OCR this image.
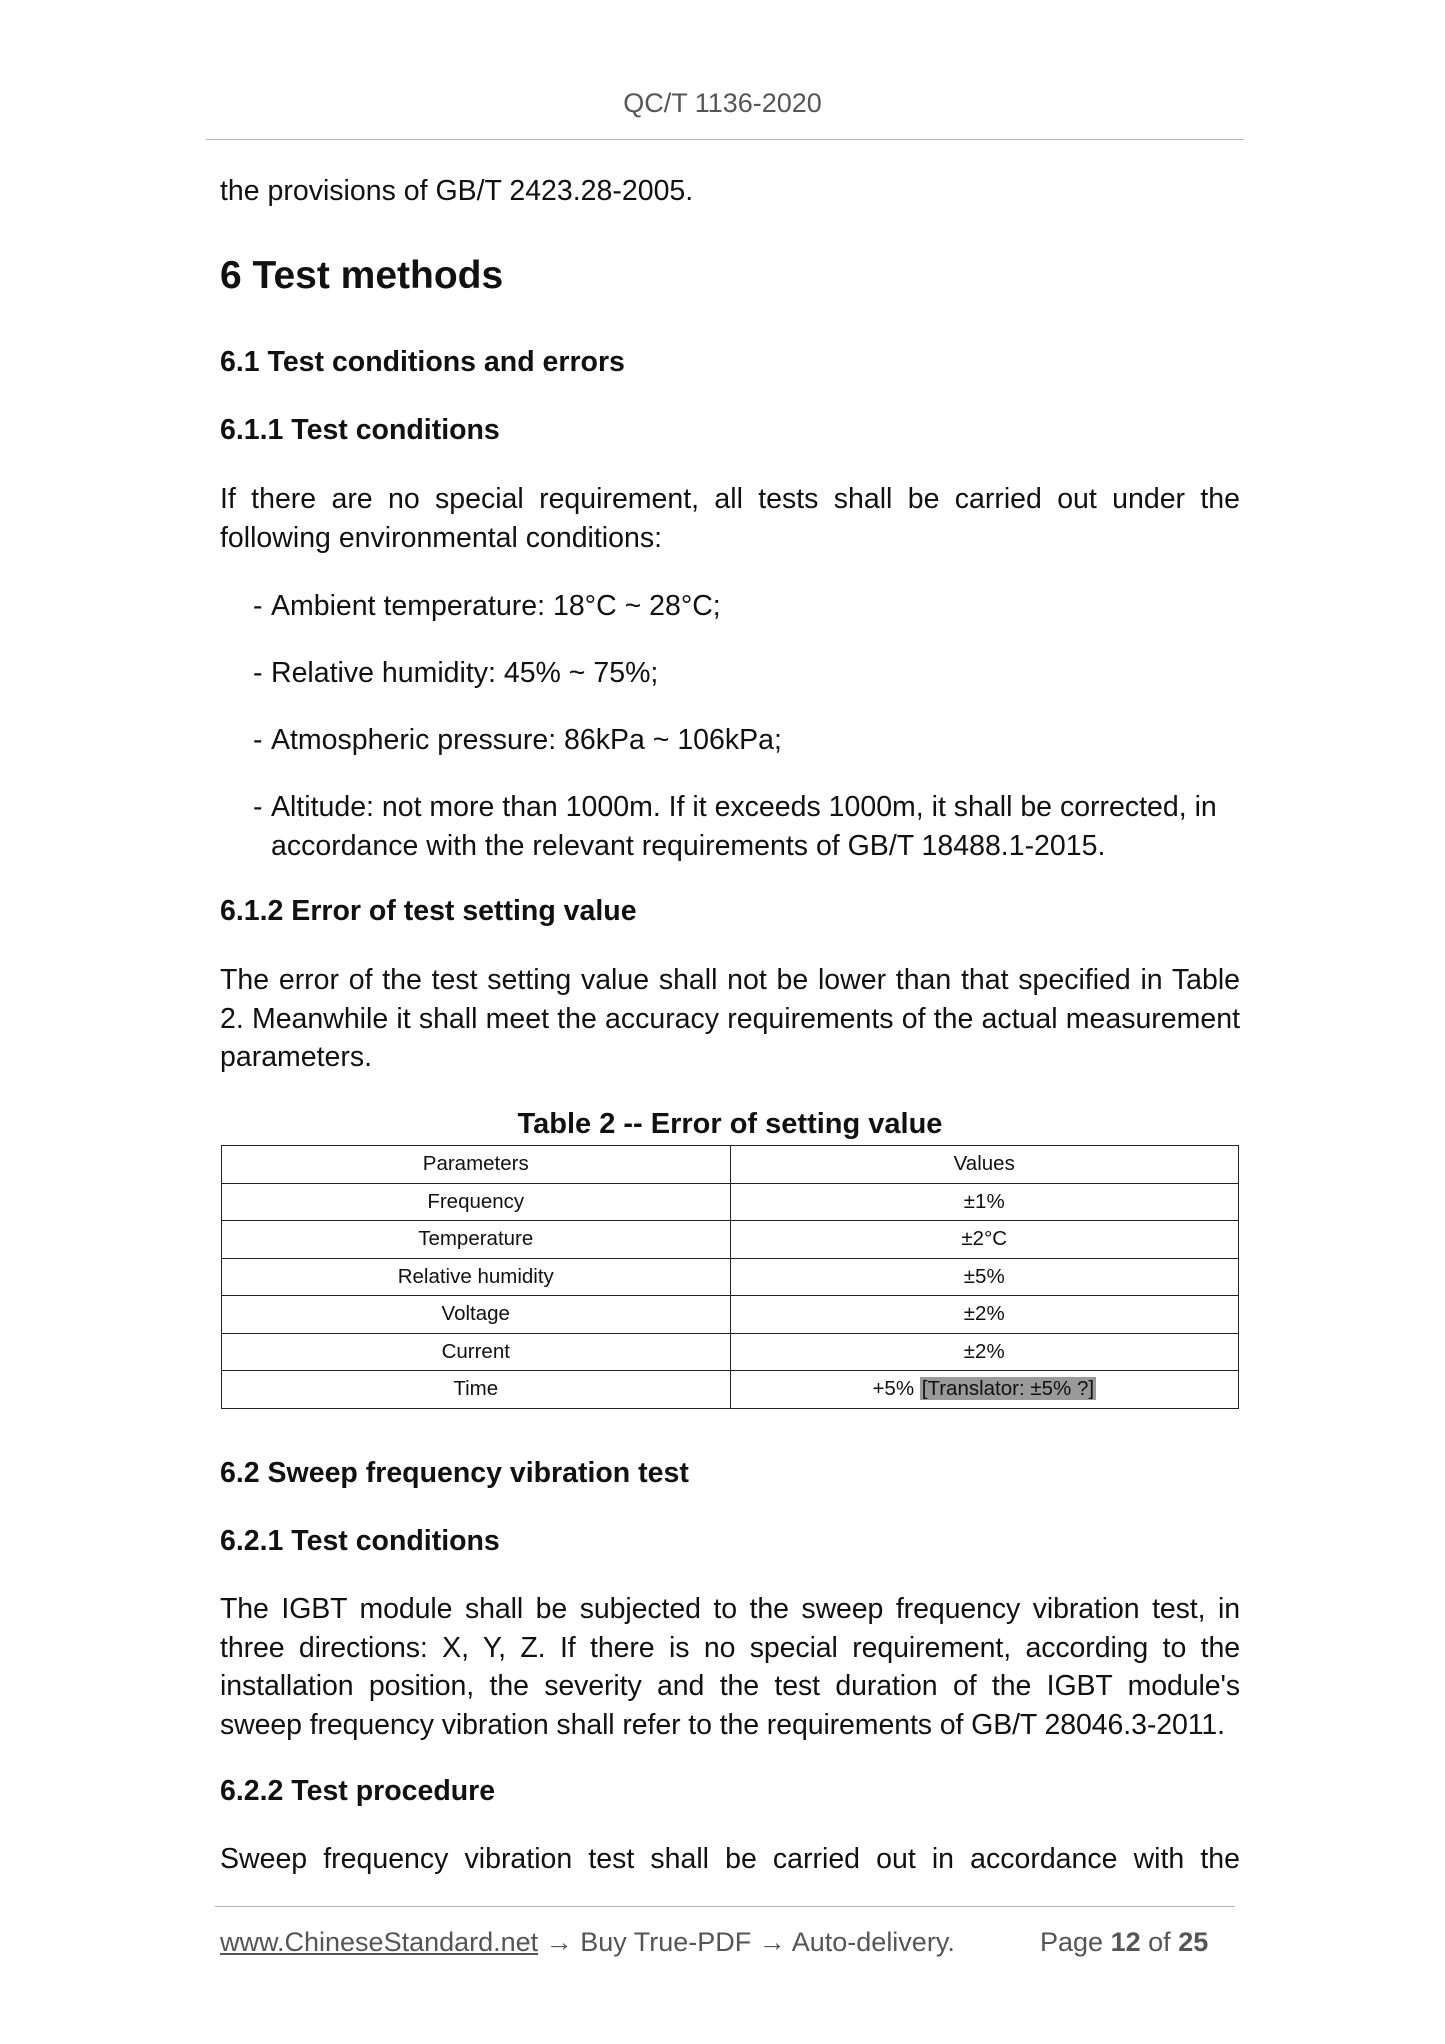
QC/T 1136-2020
the provisions of GB/T 2423.28-2005.
6 Test methods
6.1 Test conditions and errors
6.1.1 Test conditions
If there are no special requirement, all tests shall be carried out under the following environmental conditions:
- Ambient temperature: 18°C ~ 28°C;
- Relative humidity: 45% ~ 75%;
- Atmospheric pressure: 86kPa ~ 106kPa;
- Altitude: not more than 1000m. If it exceeds 1000m, it shall be corrected, in accordance with the relevant requirements of GB/T 18488.1-2015.
6.1.2 Error of test setting value
The error of the test setting value shall not be lower than that specified in Table 2. Meanwhile it shall meet the accuracy requirements of the actual measurement parameters.
Table 2 -- Error of setting value
Parameters	Values
Frequency	±1%
Temperature	±2°C
Relative humidity	±5%
Voltage	±2%
Current	±2%
Time	+5% [Translator: ±5% ?]
6.2 Sweep frequency vibration test
6.2.1 Test conditions
The IGBT module shall be subjected to the sweep frequency vibration test, in three directions: X, Y, Z. If there is no special requirement, according to the installation position, the severity and the test duration of the IGBT module's sweep frequency vibration shall refer to the requirements of GB/T 28046.3-2011.
6.2.2 Test procedure
Sweep frequency vibration test shall be carried out in accordance with the
www.ChineseStandard.net → Buy True-PDF → Auto-delivery.	Page 12 of 25
